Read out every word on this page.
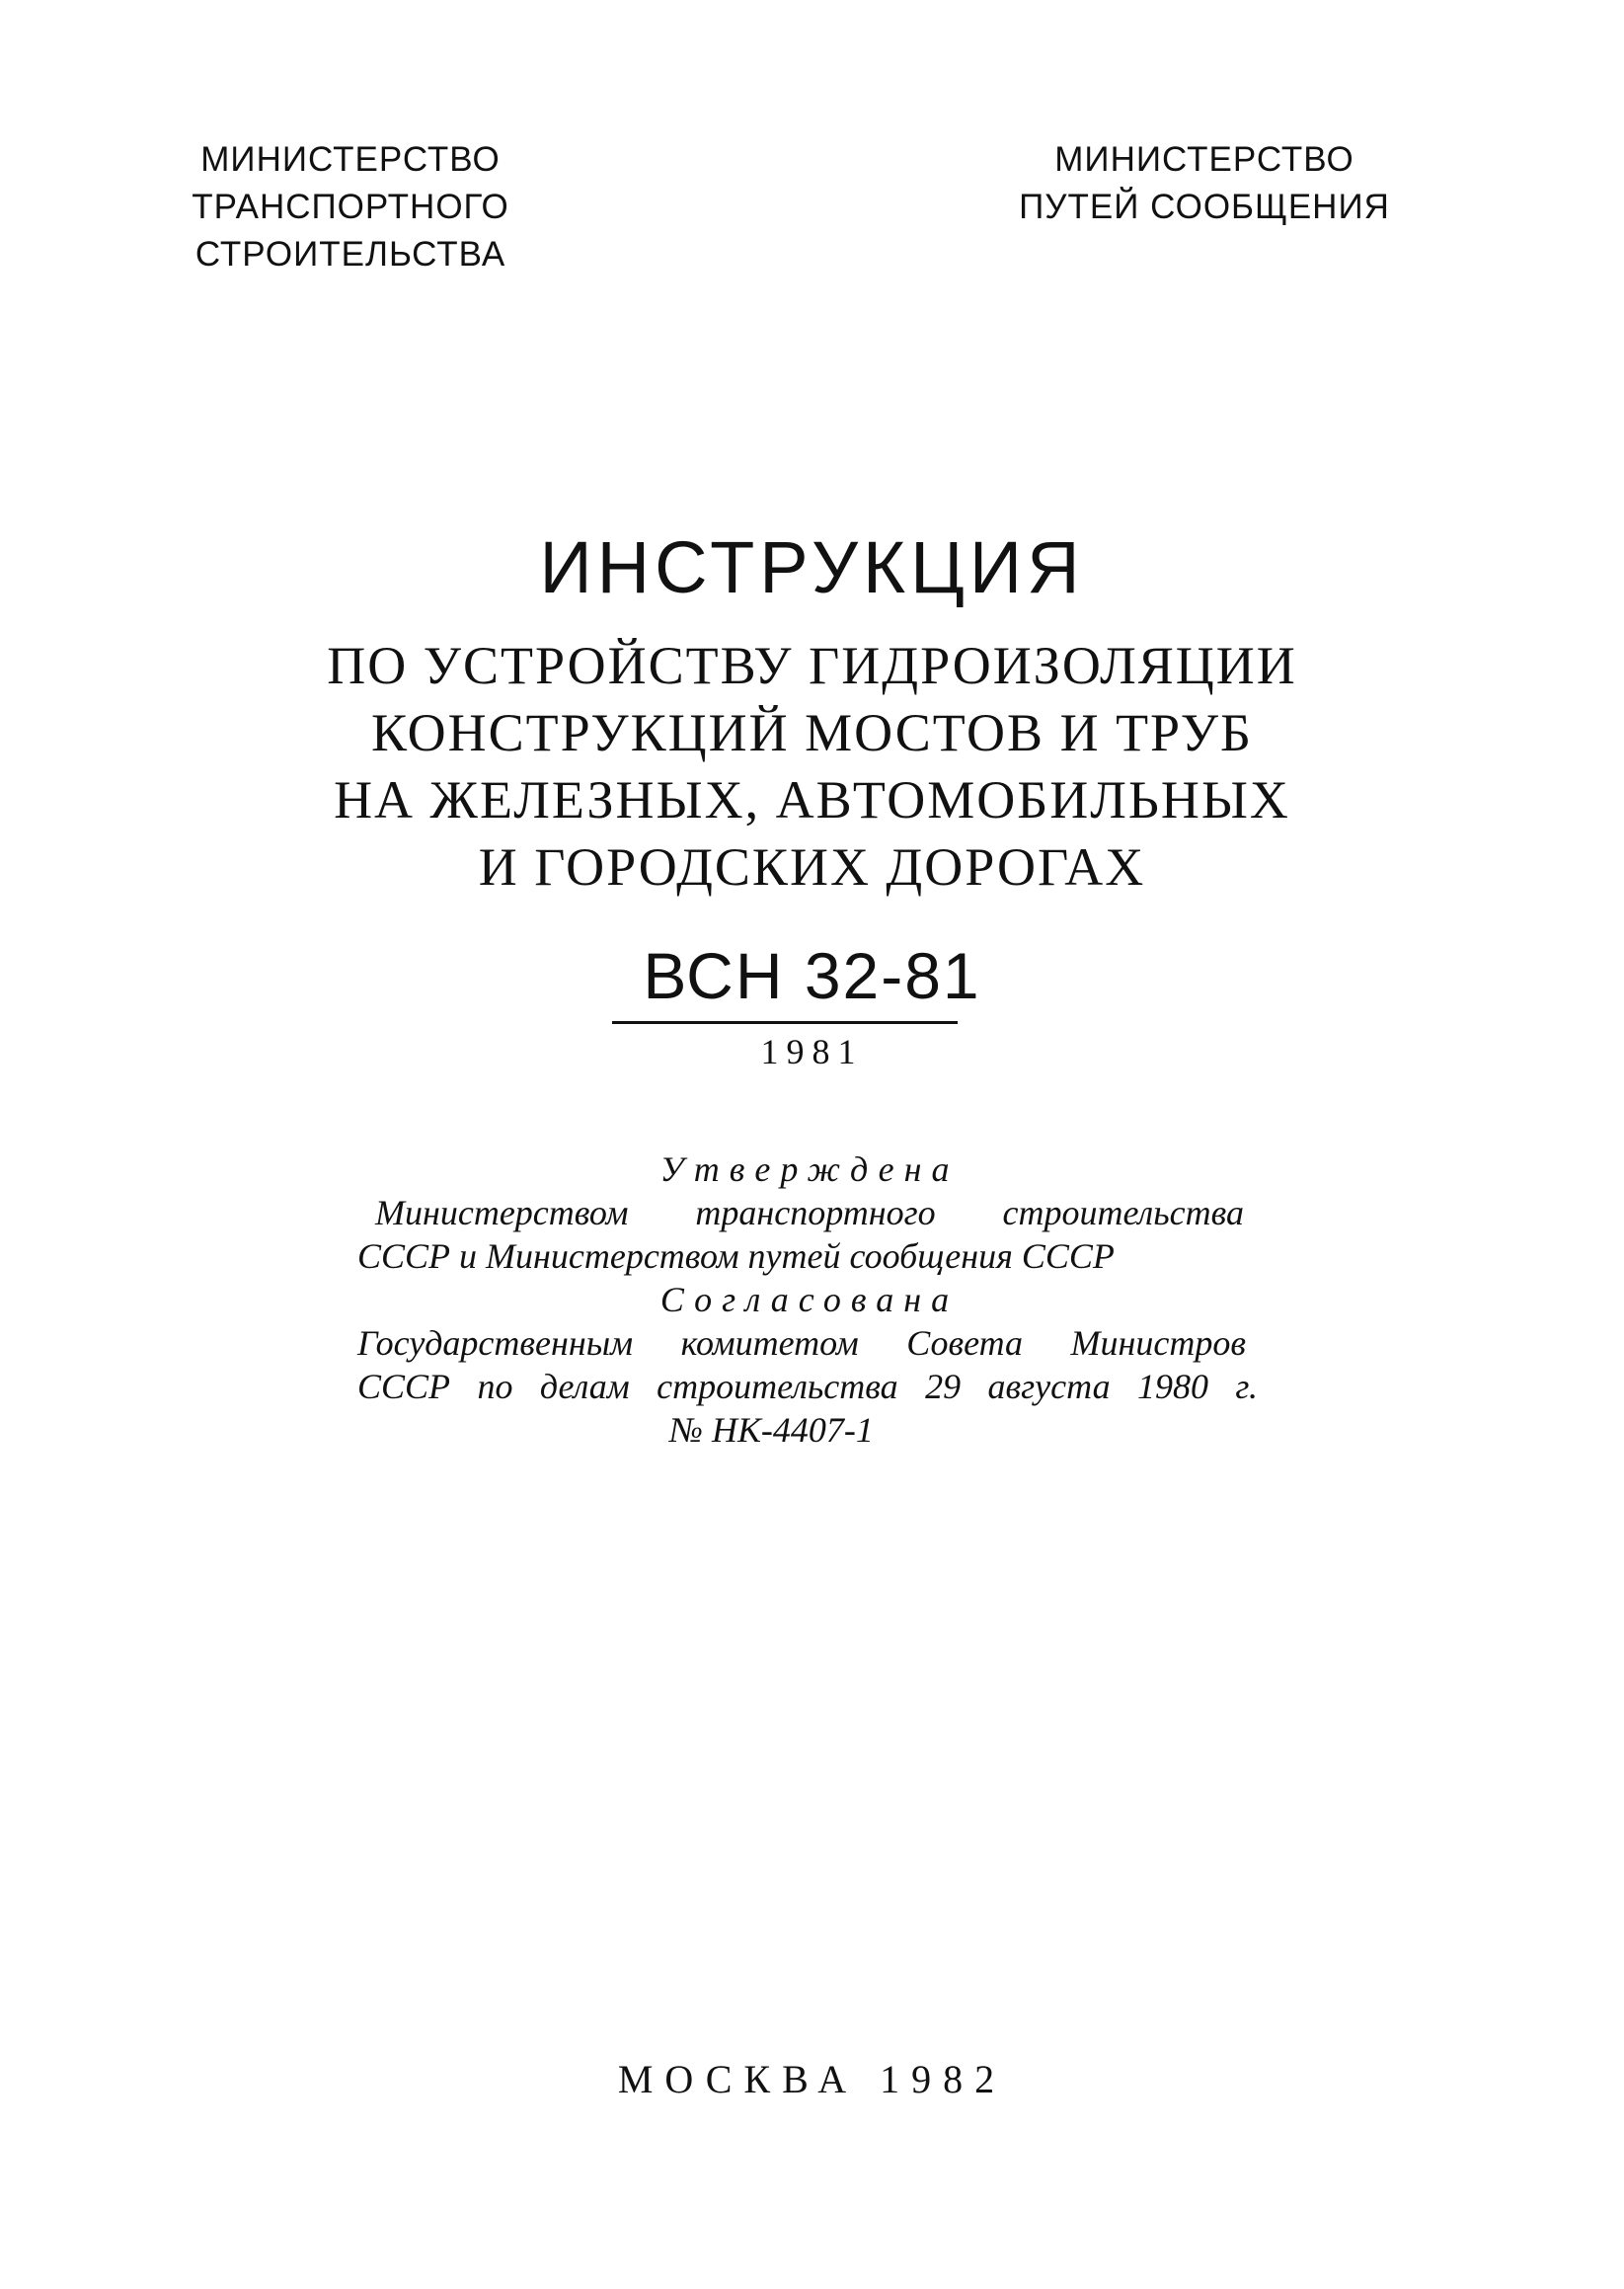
МИНИСТЕРСТВО
ТРАНСПОРТНОГО
СТРОИТЕЛЬСТВА
МИНИСТЕРСТВО
ПУТЕЙ СООБЩЕНИЯ
ИНСТРУКЦИЯ
ПО УСТРОЙСТВУ ГИДРОИЗОЛЯЦИИ
КОНСТРУКЦИЙ МОСТОВ И ТРУБ
НА ЖЕЛЕЗНЫХ, АВТОМОБИЛЬНЫХ
И ГОРОДСКИХ ДОРОГАХ
ВСН 32-81
1981
Утверждена
Министерством транспортного строительства
СССР и Министерством путей сообщения СССР
Согласована
Государственным комитетом Совета Министров
СССР по делам строительства 29 августа 1980 г.
№ НК-4407-1
МОСКВА 1982
